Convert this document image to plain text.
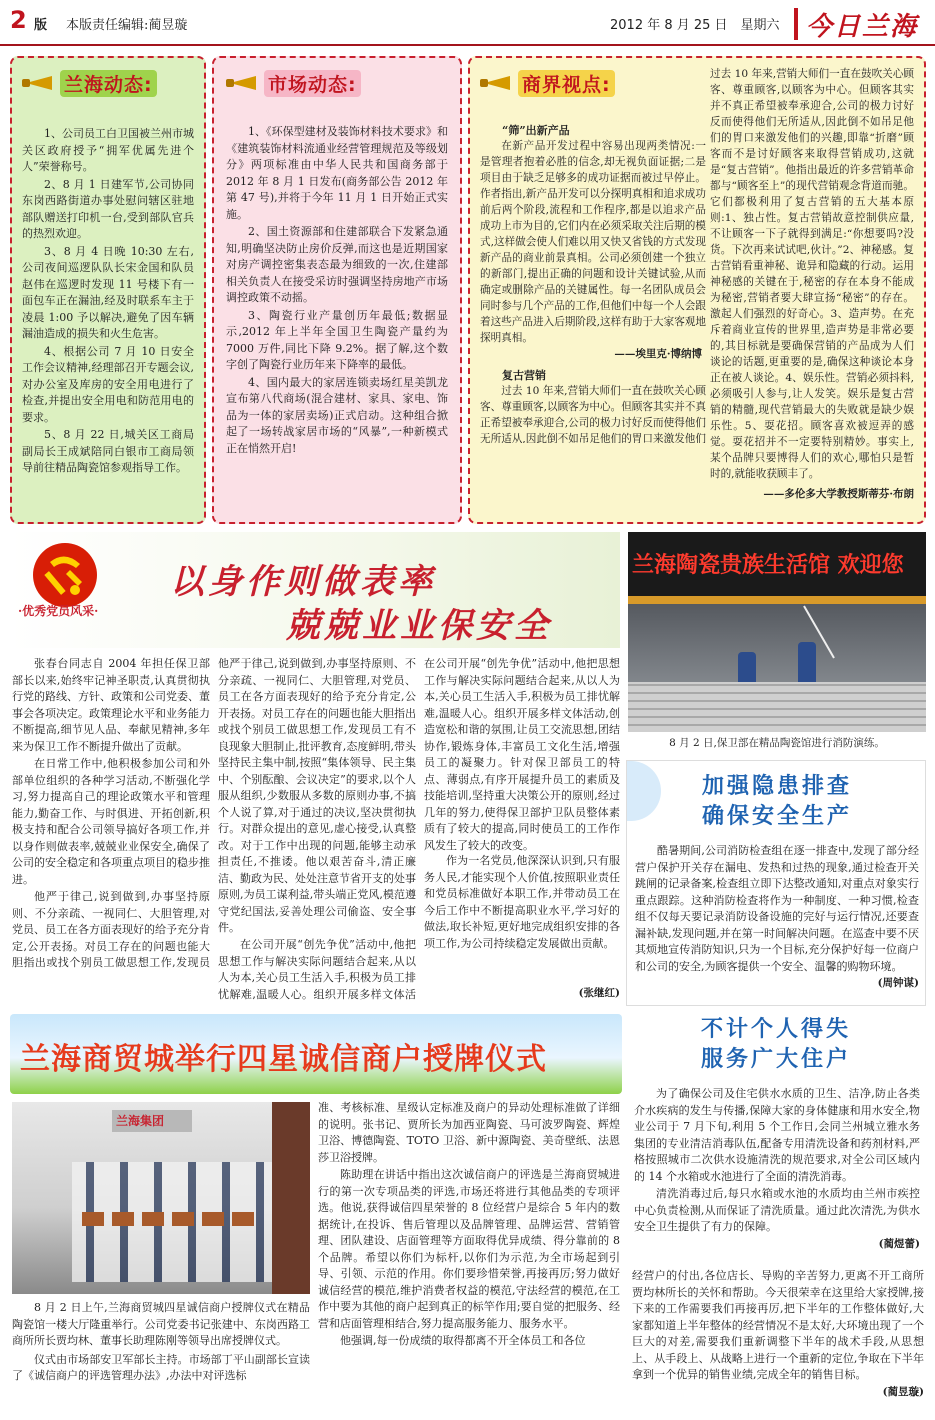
2 版 本版责任编辑:蔺昱璇	2012 年 8 月 25 日　星期六 今日兰海
兰海动态:

1、公司员工白卫国被兰州市城关区政府授予“拥军优属先进个人”荣誉称号。

2、8 月 1 日建军节,公司协同东岗西路街道办事处慰问辖区驻地部队赠送打印机一台,受到部队官兵的热烈欢迎。

3、8 月 4 日晚 10:30 左右,公司夜间巡逻队队长宋金国和队员赵伟在巡逻时发现 11 号楼下有一面包车正在漏油,经及时联系车主于凌晨 1:00 予以解决,避免了因车辆漏油造成的损失和火生危害。

4、根据公司 7 月 10 日安全工作会议精神,经理部召开专题会议,对办公室及库房的安全用电进行了检查,并提出安全用电和防范用电的要求。

5、8 月 22 日,城关区工商局副局长王成斌陪同白银市工商局领导前往精品陶瓷馆参观指导工作。

市场动态:

1、《环保型建材及装饰材料技术要求》和《建筑装饰材料流通业经营管理规范及等级划分》两项标准由中华人民共和国商务部于 2012 年 8 月 1 日发布(商务部公告 2012 年第 47 号),并将于今年 11 月 1 日开始正式实施。

2、国土资源部和住建部联合下发紧急通知,明确坚决防止房价反弹,而这也是近期国家对房产调控密集表态最为细致的一次,住建部相关负责人在接受采访时强调坚持房地产市场调控政策不动摇。

3、陶瓷行业产量创历年最低;数据显示,2012 年上半年全国卫生陶瓷产量约为 7000 万件,同比下降 9.2%。据了解,这个数字创了陶瓷行业历年来下降率的最低。

4、国内最大的家居连锁卖场红星美凯龙宣布第八代商场(混合建材、家具、家电、饰品为一体的家居卖场)正式启动。这种组合掀起了一场转战家居市场的“风暴”,一种新模式正在悄然开启!

商界视点:
“筛”出新产品

在新产品开发过程中容易出现两类情况:一是管理者抱着必胜的信念,却无视负面证据;二是项目由于缺乏足够多的成功证据而被过早停止。作者指出,新产品开发可以分探明真相和追求成功前后两个阶段,流程和工作程序,都是以追求产品成功上市为目的,它们内在必须采取关注后期的模式,这样做会使人们难以用又快又省钱的方式发现新产品的商业前景真相。公司必须创建一个独立的新部门,提出正确的问题和设计关键试验,从而确定或删除产品的关键属性。每一名团队成员会同时参与几个产品的工作,但他们中每一个人会跟着这些产品进入后期阶段,这样有助于大家客观地探明真相。

——埃里克·博纳博
复古营销

过去 10 年来,营销大师们一直在鼓吹关心顾客、尊重顾客,以顾客为中心。但顾客其实并不真正希望被奉承迎合,公司的极力讨好反而使得他们无所适从,因此倒不如吊足他们的胃口来激发他们

过去 10 年来,营销大师们一直在鼓吹关心顾客、尊重顾客,以顾客为中心。但顾客其实并不真正希望被奉承迎合,公司的极力讨好反而使得他们无所适从,因此倒不如吊足他们的胃口来激发他们的兴趣,即靠“折磨”顾客而不是讨好顾客来取得营销成功,这就是“复古营销”。他指出最近的许多营销革命都与“顾客至上”的现代营销观念背道而驰。它们都极利用了复古营销的五大基本原则:1、独占性。复古营销故意控制供应量,不让顾客一下子就得到满足:“你想要吗?没货。下次再来试试吧,伙计。”2、神秘感。复古营销看重神秘、诡异和隐藏的行动。运用神秘感的关键在于,秘密的存在本身不能成为秘密,营销者要大肆宣扬“秘密”的存在。激起人们强烈的好奇心。3、造声势。在充斥着商业宣传的世界里,造声势是非常必要的,其目标就是要确保营销的产品成为人们谈论的话题,更重要的是,确保这种谈论本身正在被人谈论。4、娱乐性。营销必须抖料,必须吸引人参与,让人发笑。娱乐是复古营销的精髓,现代营销最大的失败就是缺少娱乐性。5、耍花招。顾客喜欢被逗弄的感觉。耍花招并不一定要特别精妙。事实上,某个品牌只要博得人们的欢心,哪怕只是暂时的,就能收获顾丰了。

——多伦多大学教授斯蒂芬·布朗
·优秀党员风采·
以身作则做表率
兢兢业业保安全

张春台同志自 2004 年担任保卫部部长以来,始终牢记神圣职责,认真贯彻执行党的路线、方针、政策和公司党委、董事会各项决定。政策理论水平和业务能力不断提高,细节见人品、奉献见精神,多年来为保卫工作不断提升做出了贡献。

在日常工作中,他积极参加公司和外部单位组织的各种学习活动,不断强化学习,努力提高自己的理论政策水平和管理能力,勤奋工作、与时俱进、开拓创新,积极支持和配合公司领导搞好各项工作,并以身作则做表率,兢兢业业保安全,确保了公司的安全稳定和各项重点项目的稳步推进。

他严于律己,说到做到,办事坚持原则、不分亲疏、一视同仁、大胆管理,对党员、员工在各方面表现好的给予充分肯定,公开表扬。对员工存在的问题也能大胆指出或找个别员工做思想工作,发现员

他严于律己,说到做到,办事坚持原则、不分亲疏、一视同仁、大胆管理,对党员、员工在各方面表现好的给予充分肯定,公开表扬。对员工存在的问题也能大胆指出或找个别员工做思想工作,发现员工有不良现象大胆制止,批评教育,态度鲜明,带头坚持民主集中制,按照“集体领导、民主集中、个别酝酿、会议决定”的要求,以个人服从组织,少数服从多数的原则办事,不搞个人说了算,对于通过的决议,坚决贯彻执行。对群众提出的意见,虚心接受,认真整改。对于工作中出现的问题,能够主动承担责任,不推诿。他以艰苦奋斗,清正廉洁、勤政为民、处处注意节省开支的处事原则,为员工谋利益,带头端正党风,模范遵守党纪国法,妥善处理公司偷盗、安全事件。

在公司开展“创先争优”活动中,他把思想工作与解决实际问题结合起来,从以人为本,关心员工生活入手,积极为员工排忧解难,温暖人心。组织开展多样文体活

在公司开展“创先争优”活动中,他把思想工作与解决实际问题结合起来,从以人为本,关心员工生活入手,积极为员工排忧解难,温暖人心。组织开展多样文体活动,创造宽松和谐的氛围,让员工交流思想,团结协作,锻炼身体,丰富员工文化生活,增强员工的凝聚力。针对保卫部员工的特点、薄弱点,有序开展提升员工的素质及技能培训,坚持重大决策公开的原则,经过几年的努力,使得保卫部护卫队员整体素质有了较大的提高,同时使员工的工作作风发生了较大的改变。

作为一名党员,他深深认识到,只有服务人民,才能实现个人价值,按照职业责任和党员标准做好本职工作,并带动员工在今后工作中不断提高职业水平,学习好的做法,取长补短,更好地完成组织安排的各项工作,为公司持续稳定发展做出贡献。

(张继红)
兰海陶瓷贵族生活馆 欢迎您
8 月 2 日,保卫部在精品陶瓷馆进行消防演练。
加强隐患排查
确保安全生产

酷暑期间,公司消防检查组在逐一排查中,发现了部分经营户保护开关存在漏电、发热和过热的现象,通过检查开关跳闸的记录备案,检查组立即下达整改通知,对重点对象实行重点跟踪。这种消防检查将作为一种制度、一种习惯,检查组不仅每天要记录消防设备设施的完好与运行情况,还要查漏补缺,发现问题,并在第一时间解决问题。在巡查中要不厌其烦地宣传消防知识,只为一个目标,充分保护好每一位商户和公司的安全,为顾客提供一个安全、温馨的购物环境。

(周钟谋)
兰海商贸城举行四星诚信商户授牌仪式
兰海集团

8 月 2 日上午,兰海商贸城四星诚信商户授牌仪式在精品陶瓷馆一楼大厅隆重举行。公司党委书记张建中、东岗西路工商所所长贾均林、董事长助理陈刚等领导出席授牌仪式。

仪式由市场部安卫军部长主持。市场部丁平山副部长宣读了《诚信商户的评选管理办法》,办法中对评选标

准、考核标准、星级认定标准及商户的异动处理标准做了详细的说明。张书记、贾所长为加西亚陶瓷、马可波罗陶瓷、辉煌卫浴、博德陶瓷、TOTO 卫浴、新中源陶瓷、美奇壁纸、法恩莎卫浴授牌。

陈助理在讲话中指出这次诚信商户的评选是兰海商贸城进行的第一次专项品类的评选,市场还将进行其他品类的专项评选。他说,获得诚信四星荣誉的 8 位经营户是综合 5 年内的数据统计,在投诉、售后管理以及品牌管理、品牌运营、营销管理、团队建设、店面管理等方面取得优异成绩、得分靠前的 8 个品牌。希望以你们为标杆,以你们为示范,为全市场起到引导、引领、示范的作用。你们要珍惜荣誉,再接再厉;努力做好诚信经营的模范,维护消费者权益的模范,守法经营的模范,在工作中要为其他的商户起到真正的标竿作用;要自觉的把服务、经营和店面管理相结合,努力提高服务能力、服务水平。

他强调,每一份成绩的取得都离不开全体员工和各位

不计个人得失
服务广大住户

为了确保公司及住宅供水水质的卫生、洁净,防止各类介水疾病的发生与传播,保障大家的身体健康和用水安全,物业公司于 7 月下旬,利用 5 个工作日,会同兰州城立雅水务集团的专业清洁消毒队伍,配备专用清洗设备和药剂材料,严格按照城市二次供水设施清洗的规范要求,对全公司区域内的 14 个水箱或水池进行了全面的清洗消毒。

清洗消毒过后,每只水箱或水池的水质均由兰州市疾控中心负责检测,从而保证了清洗质量。通过此次清洗,为供水安全卫生提供了有力的保障。

(蔺煜蕾)

经营户的付出,各位店长、导购的辛苦努力,更离不开工商所贾均林所长的关怀和帮助。今天很荣幸在这里给大家授牌,接下来的工作需要我们再接再厉,把下半年的工作整体做好,大家都知道上半年整体的经营情况不是太好,大环境出现了一个巨大的对差,需要我们重新调整下半年的战术手段,从思想上、从手段上、从战略上进行一个重新的定位,争取在下半年拿到一个优异的销售业绩,完成全年的销售目标。

(蔺昱璇)
